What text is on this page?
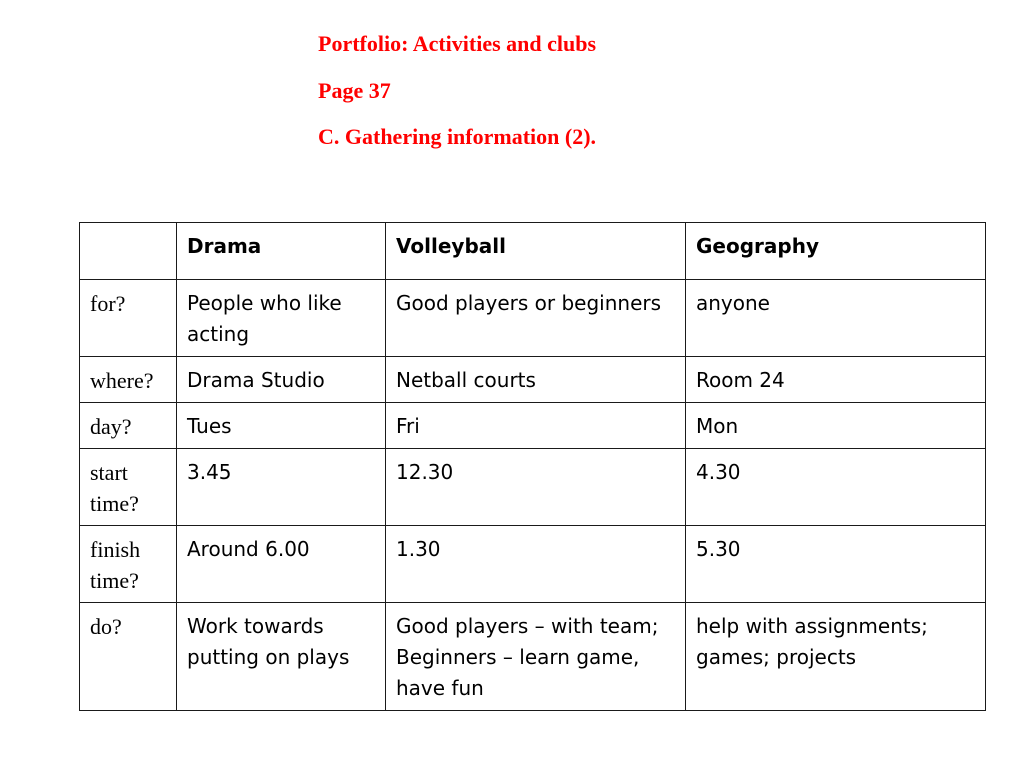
Portfolio: Activities and clubs
Page 37
C. Gathering information (2).
	Drama	Volleyball	Geography
for?	People who like acting	Good players or beginners	anyone
where?	Drama Studio	Netball courts	Room 24
day?	Tues	Fri	Mon
start time?	3.45	12.30	4.30
finish time?	Around 6.00	1.30	5.30
do?	Work towards putting on plays	Good players – with team; Beginners – learn game, have fun	help with assignments; games; projects
